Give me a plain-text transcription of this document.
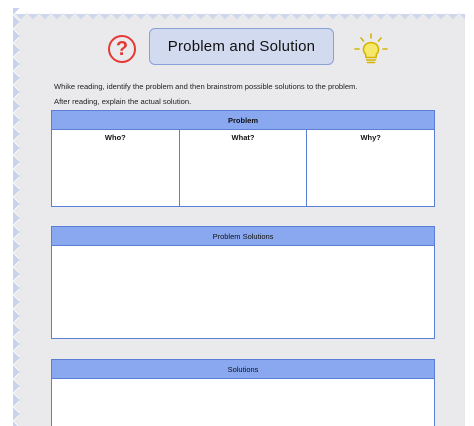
?	Problem and Solution
Whike reading, identify the problem and then brainstrom possible solutions to the problem.
After reading, explain the actual solution.
Problem
Who?	What?	Why?
Problem Solutions
Solutions
